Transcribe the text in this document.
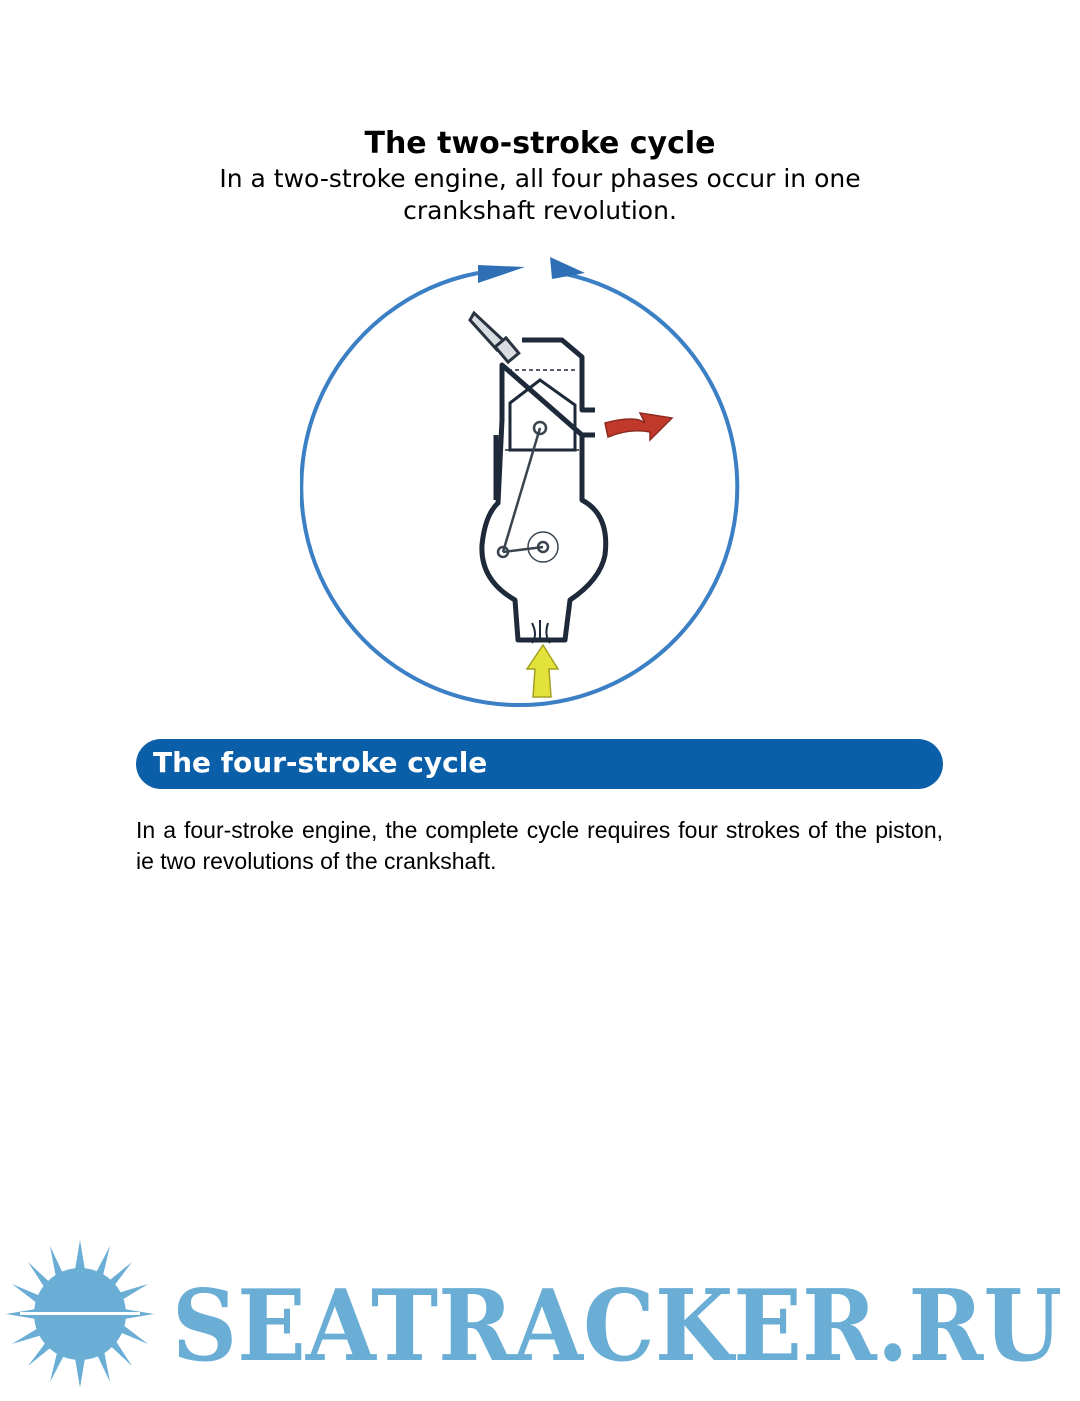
The two-stroke cycle
In a two-stroke engine, all four phases occur in one crankshaft revolution.
The four-stroke cycle
In a four-stroke engine, the complete cycle requires four strokes of the piston, ie two revolutions of the crankshaft.
SEATRACKER.RU
